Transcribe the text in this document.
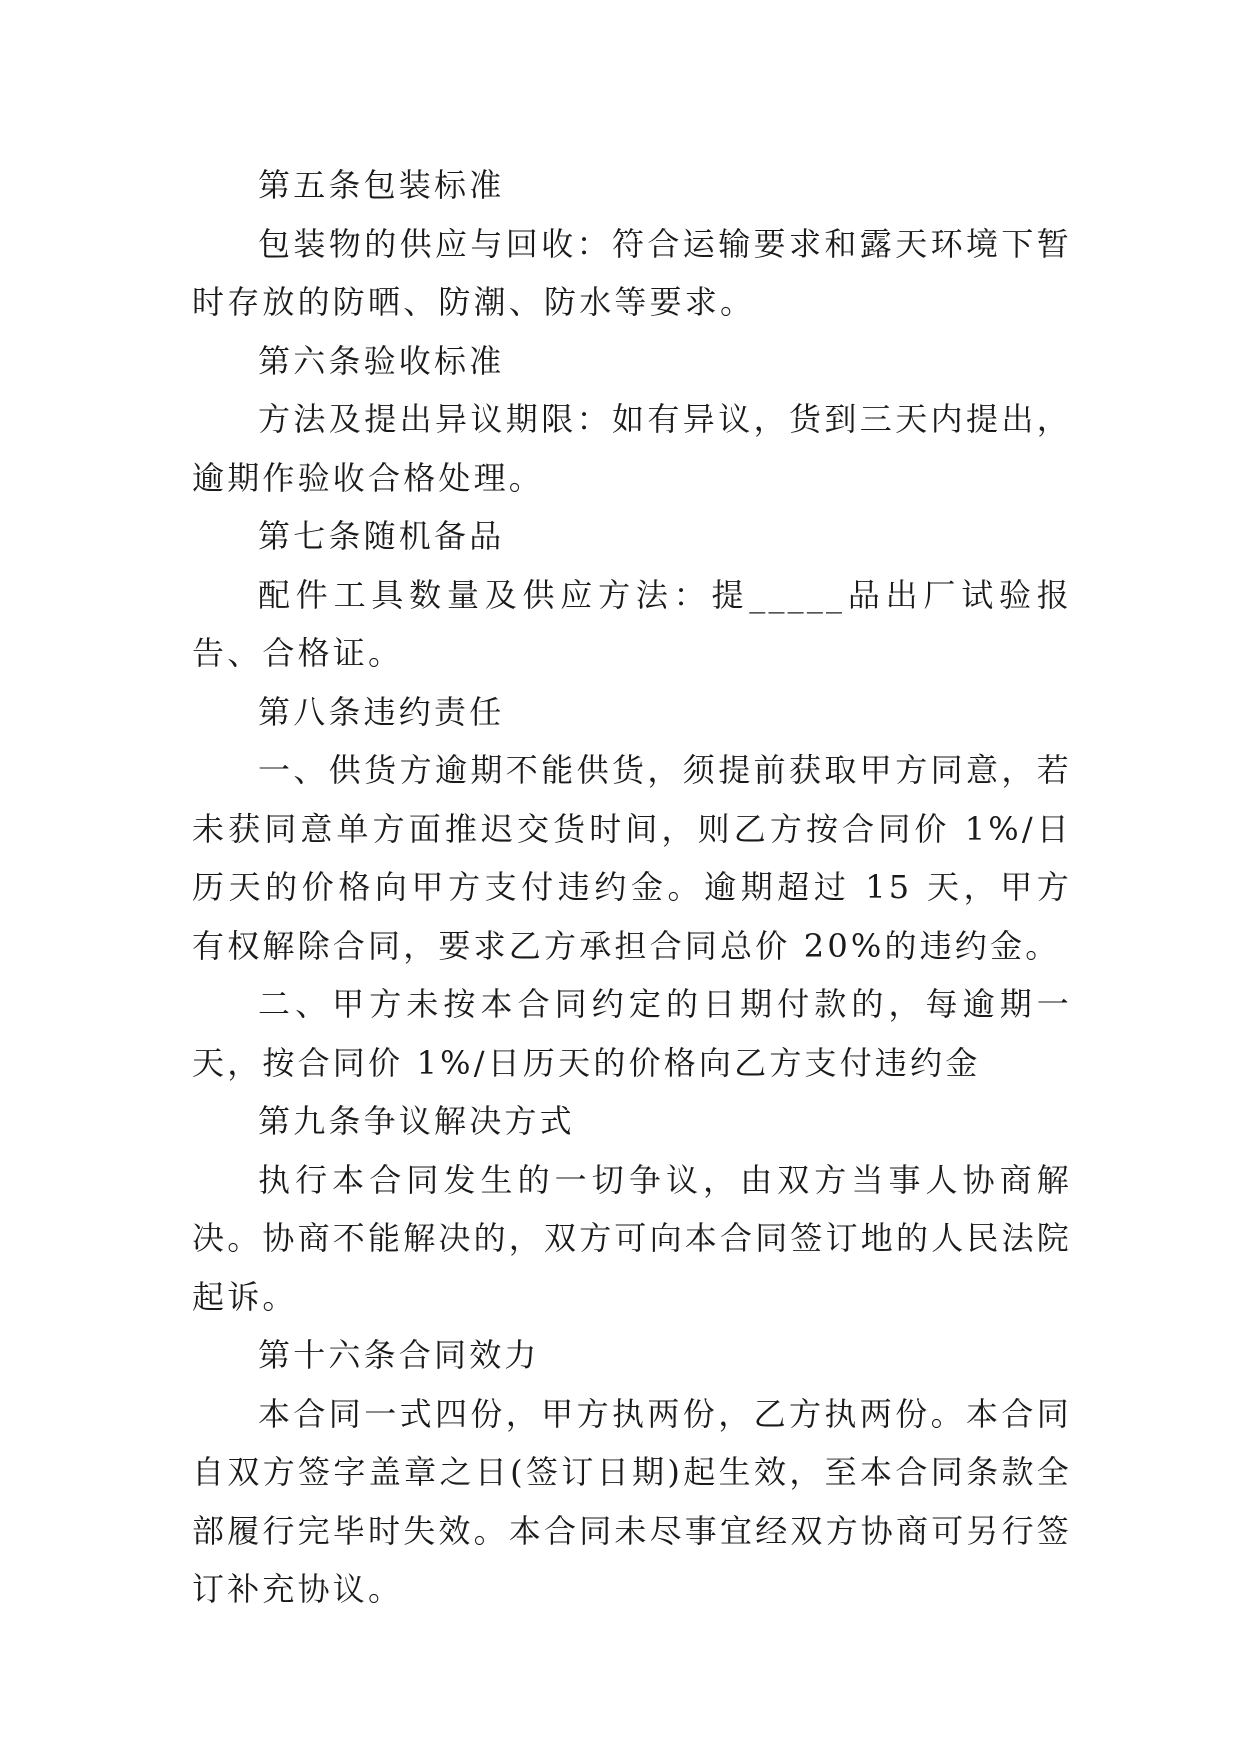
第五条包装标准

包装物的供应与回收：符合运输要求和露天环境下暂时存放的防晒、防潮、防水等要求。

第六条验收标准

方法及提出异议期限：如有异议，货到三天内提出，逾期作验收合格处理。

第七条随机备品

配件工具数量及供应方法：提_____品出厂试验报告、合格证。

第八条违约责任

一、供货方逾期不能供货，须提前获取甲方同意，若未获同意单方面推迟交货时间，则乙方按合同价 1%/日历天的价格向甲方支付违约金。逾期超过 15 天，甲方有权解除合同，要求乙方承担合同总价 20%的违约金。

二、甲方未按本合同约定的日期付款的，每逾期一天，按合同价 1%/日历天的价格向乙方支付违约金

第九条争议解决方式

执行本合同发生的一切争议，由双方当事人协商解决。协商不能解决的，双方可向本合同签订地的人民法院起诉。

第十六条合同效力

本合同一式四份，甲方执两份，乙方执两份。本合同自双方签字盖章之日(签订日期)起生效，至本合同条款全部履行完毕时失效。本合同未尽事宜经双方协商可另行签订补充协议。
